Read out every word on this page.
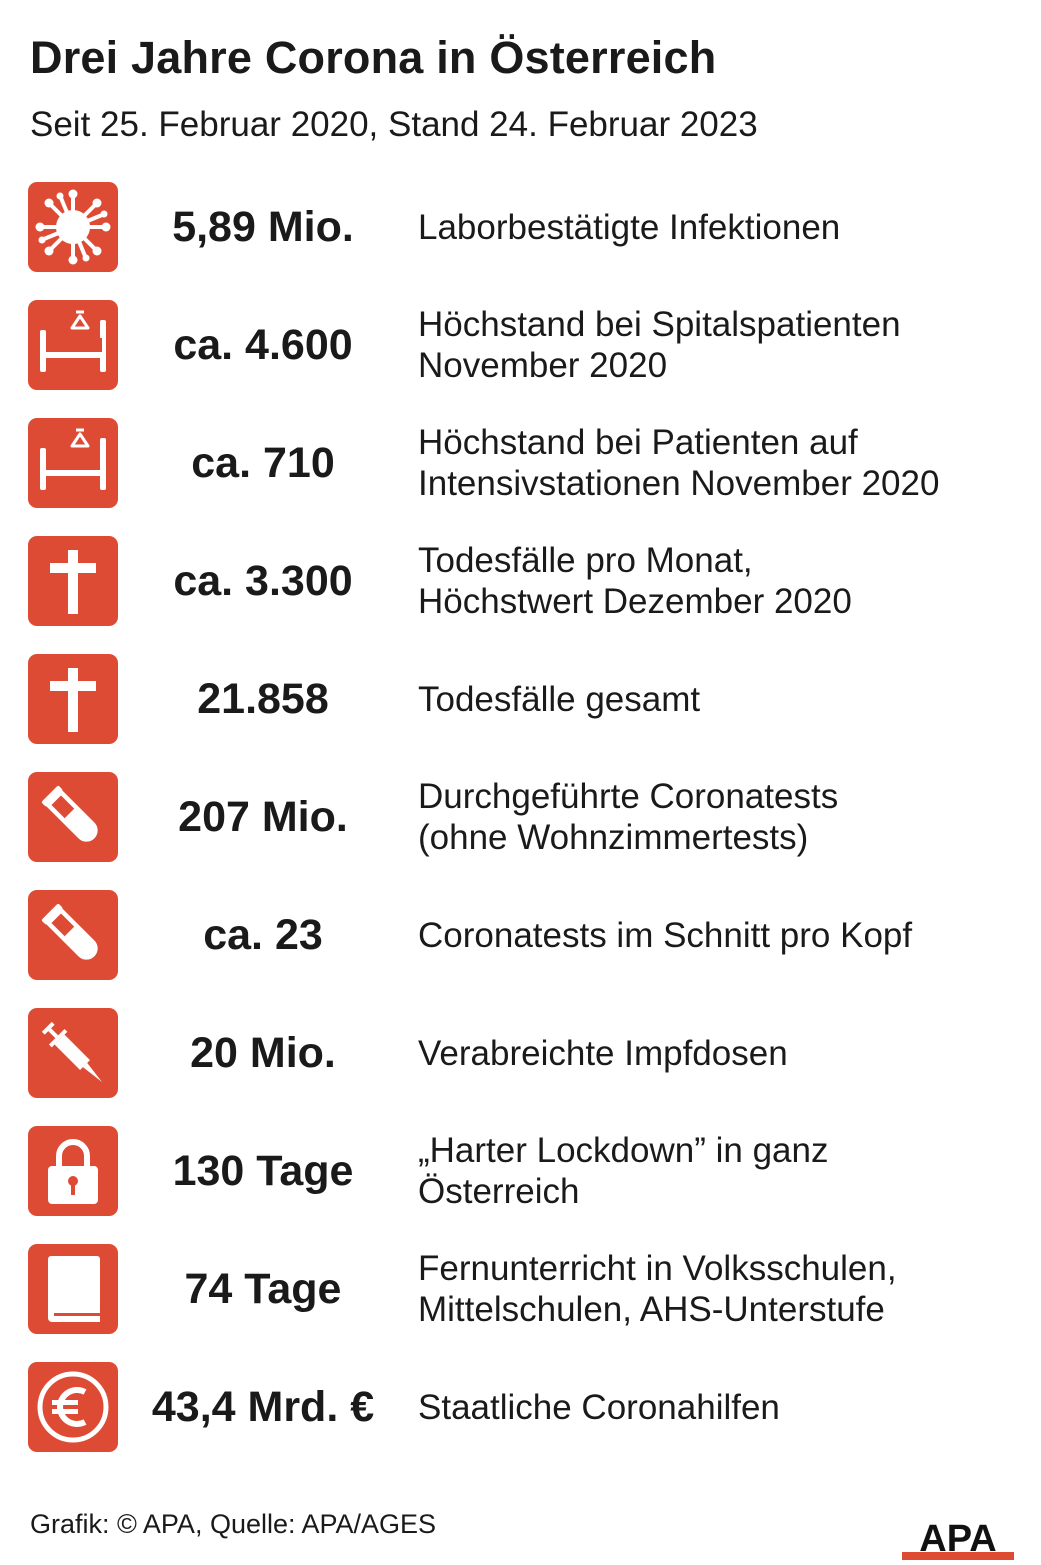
Drei Jahre Corona in Österreich
Seit 25. Februar 2020, Stand 24. Februar 2023
5,89 Mio.	Laborbestätigte Infektionen
ca. 4.600	Höchstand bei Spitalspatienten
November 2020
ca. 710	Höchstand bei Patienten auf
Intensivstationen November 2020
ca. 3.300	Todesfälle pro Monat,
Höchstwert Dezember 2020
21.858	Todesfälle gesamt
207 Mio.	Durchgeführte Coronatests
(ohne Wohnzimmertests)
ca. 23	Coronatests im Schnitt pro Kopf
20 Mio.	Verabreichte Impfdosen
130 Tage	„Harter Lockdown” in ganz
Österreich
74 Tage	Fernunterricht in Volksschulen,
Mittelschulen, AHS-Unterstufe
43,4 Mrd. €	Staatliche Coronahilfen
Grafik: © APA, Quelle: APA/AGES	APA
